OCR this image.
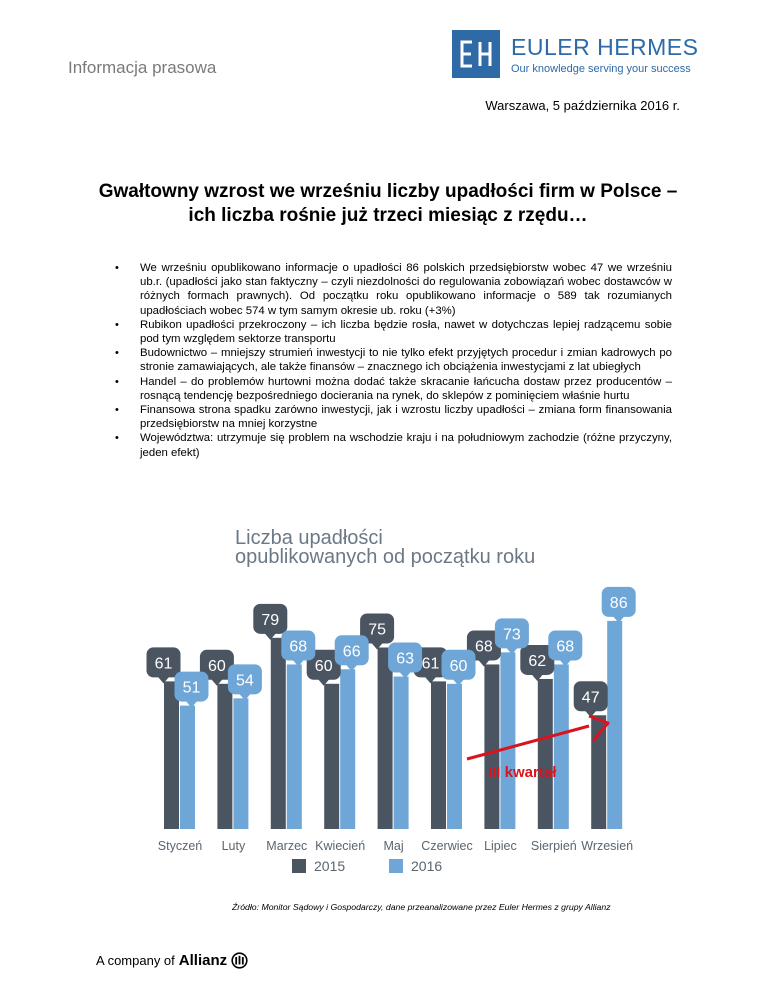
Informacja prasowa
EULER HERMES
Our knowledge serving your success
Warszawa, 5 października 2016 r.
Gwałtowny wzrost we wrześniu liczby upadłości firm w Polsce – ich liczba rośnie już trzeci miesiąc z rzędu…
• We wrześniu opublikowano informacje o upadłości 86 polskich przedsiębiorstw wobec 47 we wrześniu ub.r. (upadłości jako stan faktyczny – czyli niezdolności do regulowania zobowiązań wobec dostawców w różnych formach prawnych). Od początku roku opublikowano informacje o 589 tak rozumianych upadłościach wobec 574 w tym samym okresie ub. roku (+3%)
• Rubikon upadłości przekroczony – ich liczba będzie rosła, nawet w dotychczas lepiej radzącemu sobie pod tym względem sektorze transportu
• Budownictwo – mniejszy strumień inwestycji to nie tylko efekt przyjętych procedur i zmian kadrowych po stronie zamawiających, ale także finansów – znacznego ich obciążenia inwestycjami z lat ubiegłych
• Handel – do problemów hurtowni można dodać także skracanie łańcucha dostaw przez producentów – rosnącą tendencję bezpośredniego docierania na rynek, do sklepów z pominięciem właśnie hurtu
• Finansowa strona spadku zarówno inwestycji, jak i wzrostu liczby upadłości – zmiana form finansowania przedsiębiorstw na mniej korzystne
• Województwa: utrzymuje się problem na wschodzie kraju i na południowym zachodzie (różne przyczyny, jeden efekt)
Liczba upadłości
opublikowanych od początku roku
Styczeń Luty Marzec Kwiecień Maj Czerwiec Lipiec Sierpień Wrzesień
61 60
79
60
75
61
68
62
47
51 54
68 66 63 60
73
68
86
III kwartał
2015	2016
Źródło: Monitor Sądowy i Gospodarczy, dane przeanalizowane przez Euler Hermes z grupy Allianz
A company of Allianz
